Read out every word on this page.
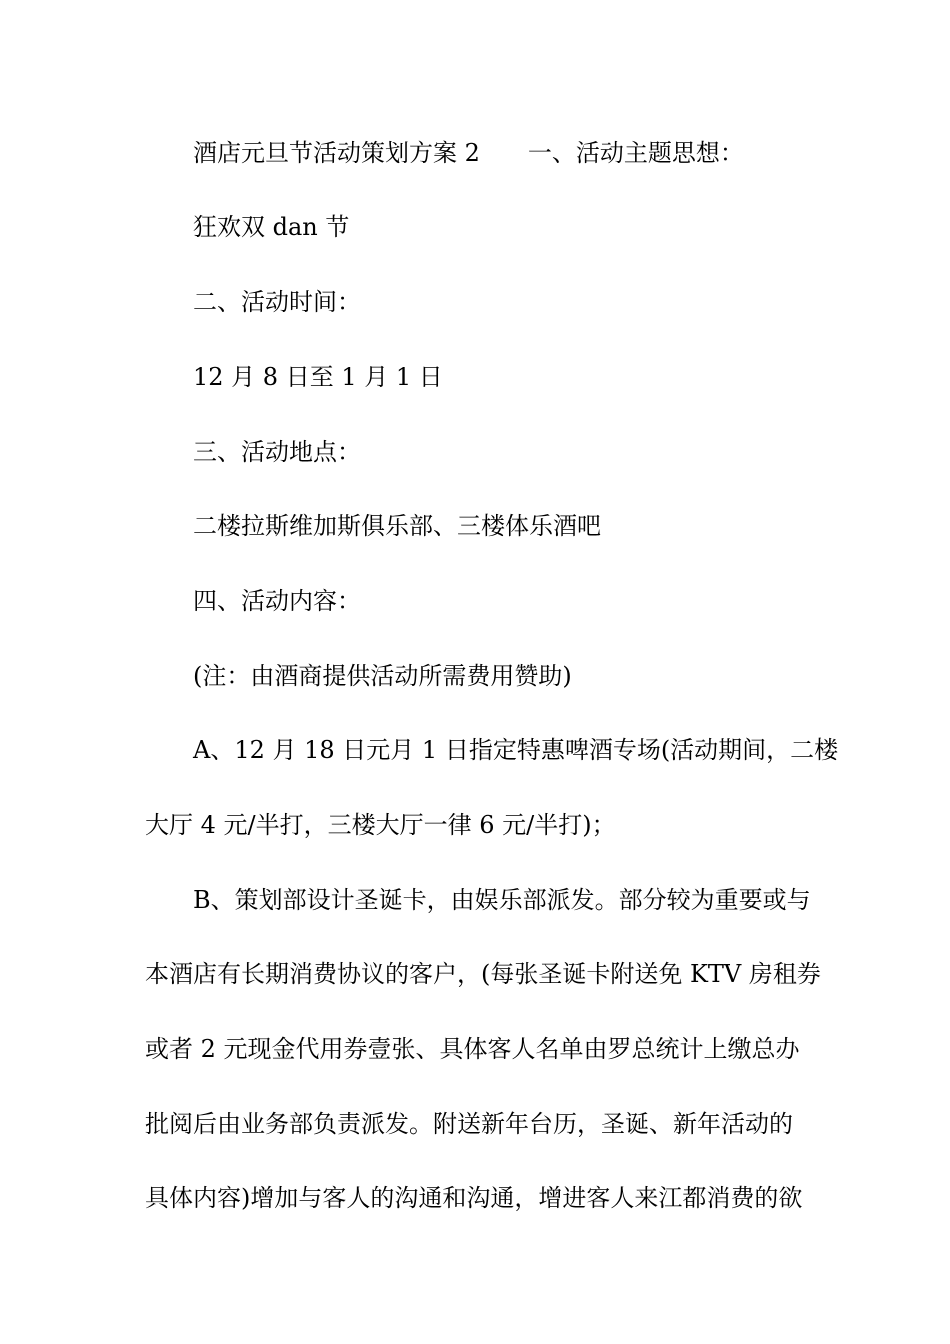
酒店元旦节活动策划方案 2 一、活动主题思想：
狂欢双 dan 节
二、活动时间：
12 月 8 日至 1 月 1 日
三、活动地点：
二楼拉斯维加斯俱乐部、三楼体乐酒吧
四、活动内容：
(注：由酒商提供活动所需费用赞助)
A、12 月 18 日元月 1 日指定特惠啤酒专场(活动期间，二楼
大厅 4 元/半打，三楼大厅一律 6 元/半打)；
B、策划部设计圣诞卡，由娱乐部派发。部分较为重要或与
本酒店有长期消费协议的客户，(每张圣诞卡附送免 KTV 房租券
或者 2 元现金代用券壹张、具体客人名单由罗总统计上缴总办
批阅后由业务部负责派发。附送新年台历，圣诞、新年活动的
具体内容)增加与客人的沟通和沟通，增进客人来江都消费的欲
